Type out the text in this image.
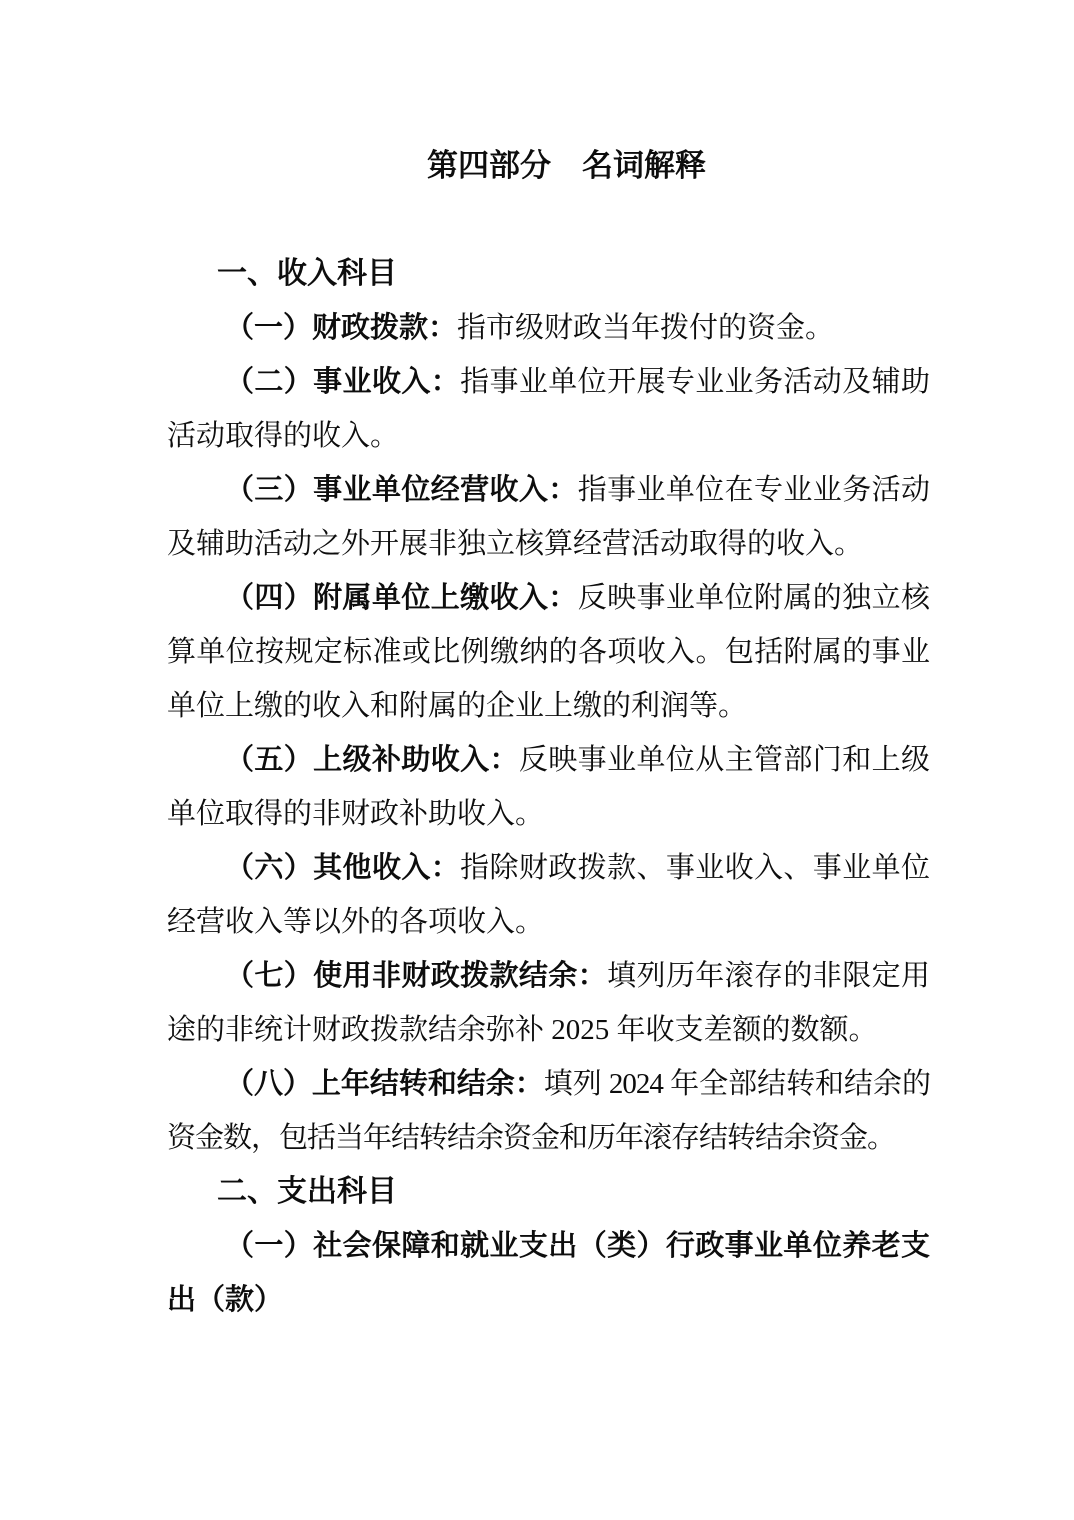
第四部分　名词解释
一、收入科目

（一）财政拨款：指市级财政当年拨付的资金。

（二）事业收入：指事业单位开展专业业务活动及辅助活动取得的收入。

（三）事业单位经营收入：指事业单位在专业业务活动及辅助活动之外开展非独立核算经营活动取得的收入。

（四）附属单位上缴收入：反映事业单位附属的独立核算单位按规定标准或比例缴纳的各项收入。包括附属的事业单位上缴的收入和附属的企业上缴的利润等。

（五）上级补助收入：反映事业单位从主管部门和上级单位取得的非财政补助收入。

（六）其他收入：指除财政拨款、事业收入、事业单位经营收入等以外的各项收入。

（七）使用非财政拨款结余：填列历年滚存的非限定用途的非统计财政拨款结余弥补 2025 年收支差额的数额。

（八）上年结转和结余：填列 2024 年全部结转和结余的资金数，包括当年结转结余资金和历年滚存结转结余资金。

二、支出科目

（一）社会保障和就业支出（类）行政事业单位养老支出（款）
